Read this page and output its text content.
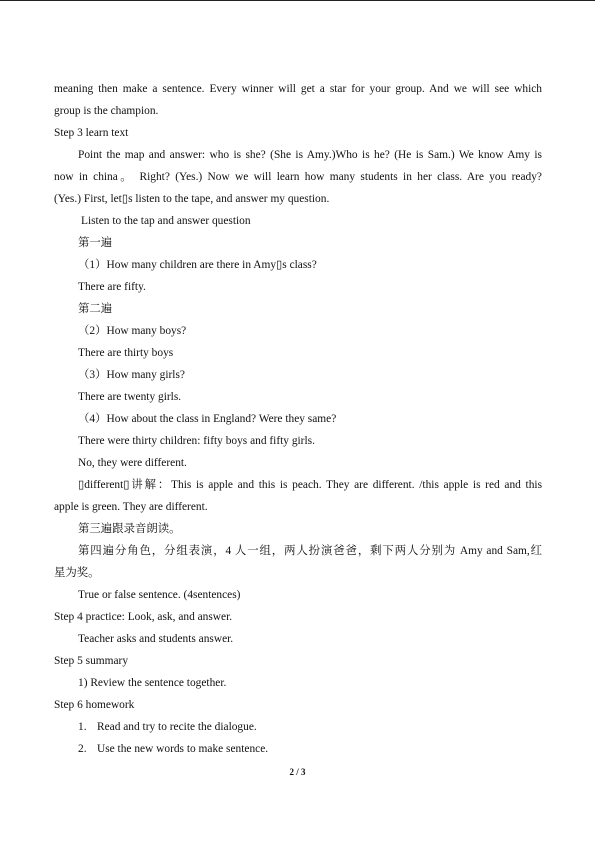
meaning then make a sentence. Every winner will get a star for your group. And we will see which
group is the champion.
Step 3 learn text
Point the map and answer: who is she? (She is Amy.)Who is he? (He is Sam.) We know Amy is
now in china。 Right? (Yes.) Now we will learn how many students in her class. Are you ready?
(Yes.) First, let▯s listen to the tape, and answer my question.
Listen to the tap and answer question
第一遍
（1）How many children are there in Amy▯s class?
There are fifty.
第二遍
（2）How many boys?
There are thirty boys
（3）How many girls?
There are twenty girls.
（4）How about the class in England? Were they same?
There were thirty children: fifty boys and fifty girls.
No, they were different.
▯different▯讲解：This is apple and this is peach. They are different. /this apple is red and this
apple is green. They are different.
第三遍跟录音朗读。
第四遍分角色，分组表演，4 人一组，两人扮演爸爸，剩下两人分别为 Amy and Sam,红
星为奖。
True or false sentence. (4sentences)
Step 4 practice: Look, ask, and answer.
Teacher asks and students answer.
Step 5 summary
1) Review the sentence together.
Step 6 homework
1. Read and try to recite the dialogue.
2. Use the new words to make sentence.
2 / 3
